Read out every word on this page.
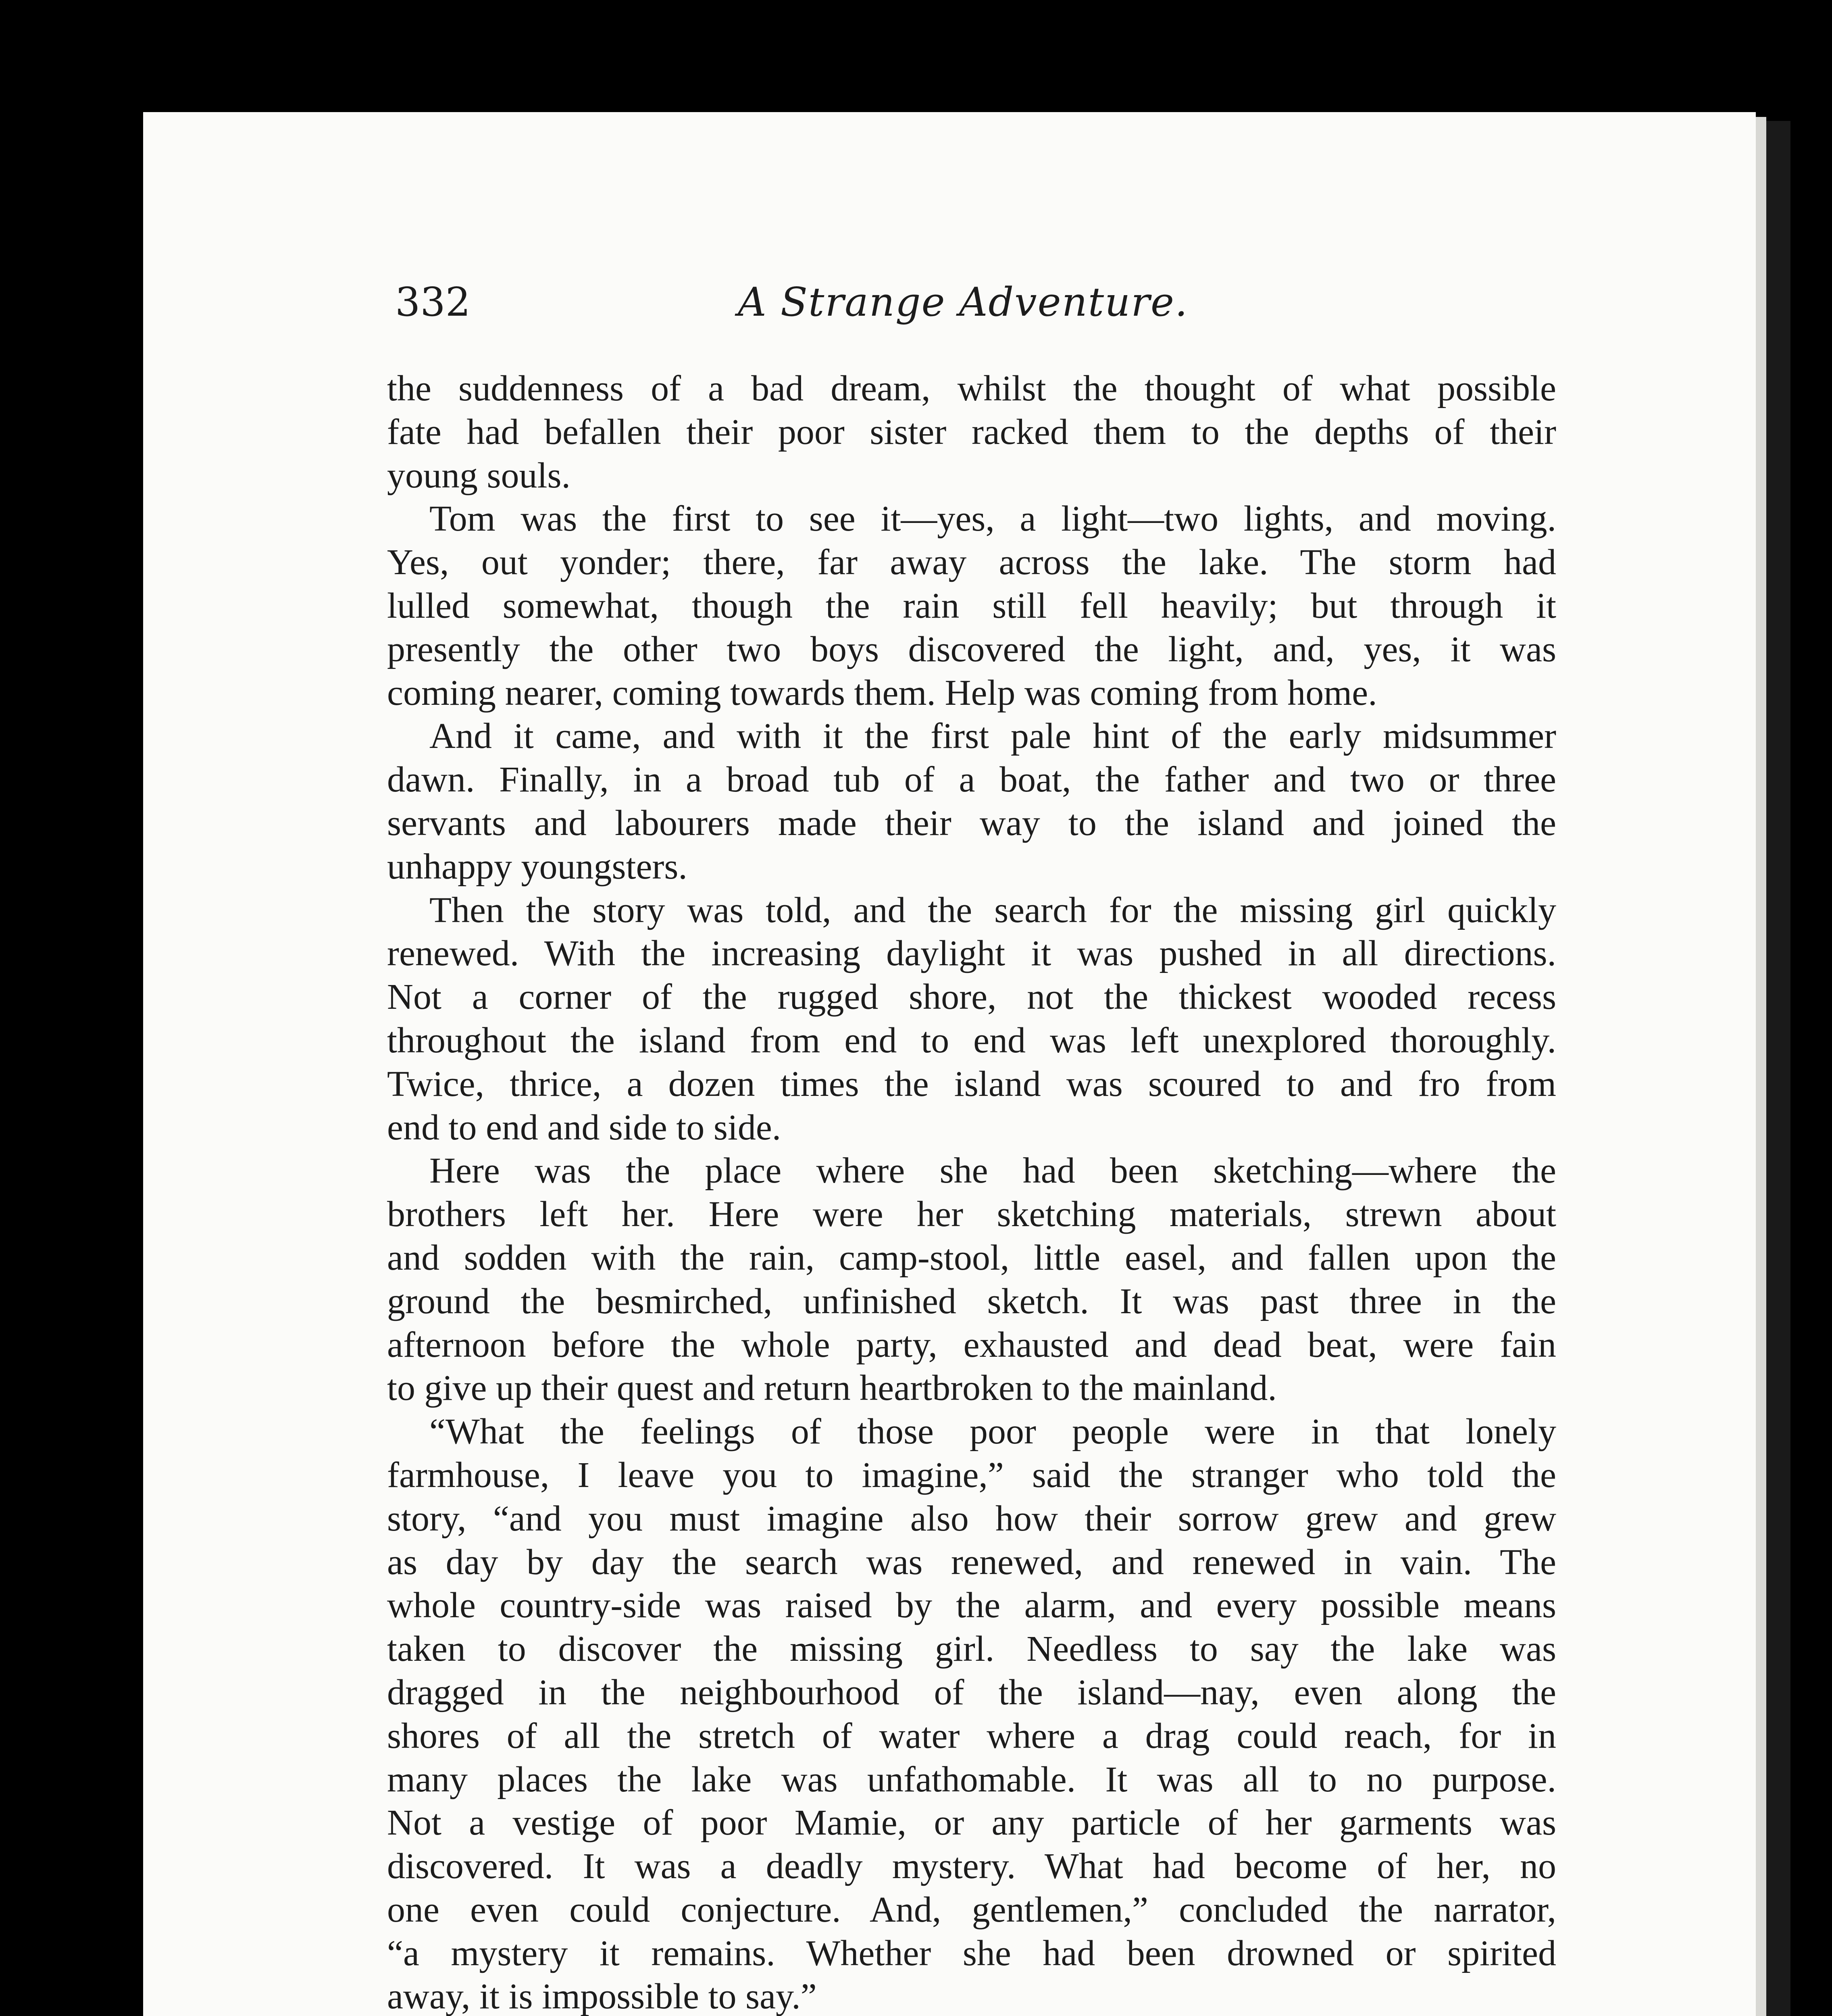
332	A Strange Adventure.
the suddenness of a bad dream, whilst the thought of what possible
fate had befallen their poor sister racked them to the depths of their
young souls.
Tom was the first to see it—yes, a light—two lights, and moving.
Yes, out yonder; there, far away across the lake. The storm had
lulled somewhat, though the rain still fell heavily; but through it
presently the other two boys discovered the light, and, yes, it was
coming nearer, coming towards them. Help was coming from home.
And it came, and with it the first pale hint of the early midsummer
dawn. Finally, in a broad tub of a boat, the father and two or three
servants and labourers made their way to the island and joined the
unhappy youngsters.
Then the story was told, and the search for the missing girl quickly
renewed. With the increasing daylight it was pushed in all directions.
Not a corner of the rugged shore, not the thickest wooded recess
throughout the island from end to end was left unexplored thoroughly.
Twice, thrice, a dozen times the island was scoured to and fro from
end to end and side to side.
Here was the place where she had been sketching—where the
brothers left her. Here were her sketching materials, strewn about
and sodden with the rain, camp-stool, little easel, and fallen upon the
ground the besmirched, unfinished sketch. It was past three in the
afternoon before the whole party, exhausted and dead beat, were fain
to give up their quest and return heartbroken to the mainland.
“What the feelings of those poor people were in that lonely
farmhouse, I leave you to imagine,” said the stranger who told the
story, “and you must imagine also how their sorrow grew and grew
as day by day the search was renewed, and renewed in vain. The
whole country-side was raised by the alarm, and every possible means
taken to discover the missing girl. Needless to say the lake was
dragged in the neighbourhood of the island—nay, even along the
shores of all the stretch of water where a drag could reach, for in
many places the lake was unfathomable. It was all to no purpose.
Not a vestige of poor Mamie, or any particle of her garments was
discovered. It was a deadly mystery. What had become of her, no
one even could conjecture. And, gentlemen,” concluded the narrator,
“a mystery it remains. Whether she had been drowned or spirited
away, it is impossible to say.”
